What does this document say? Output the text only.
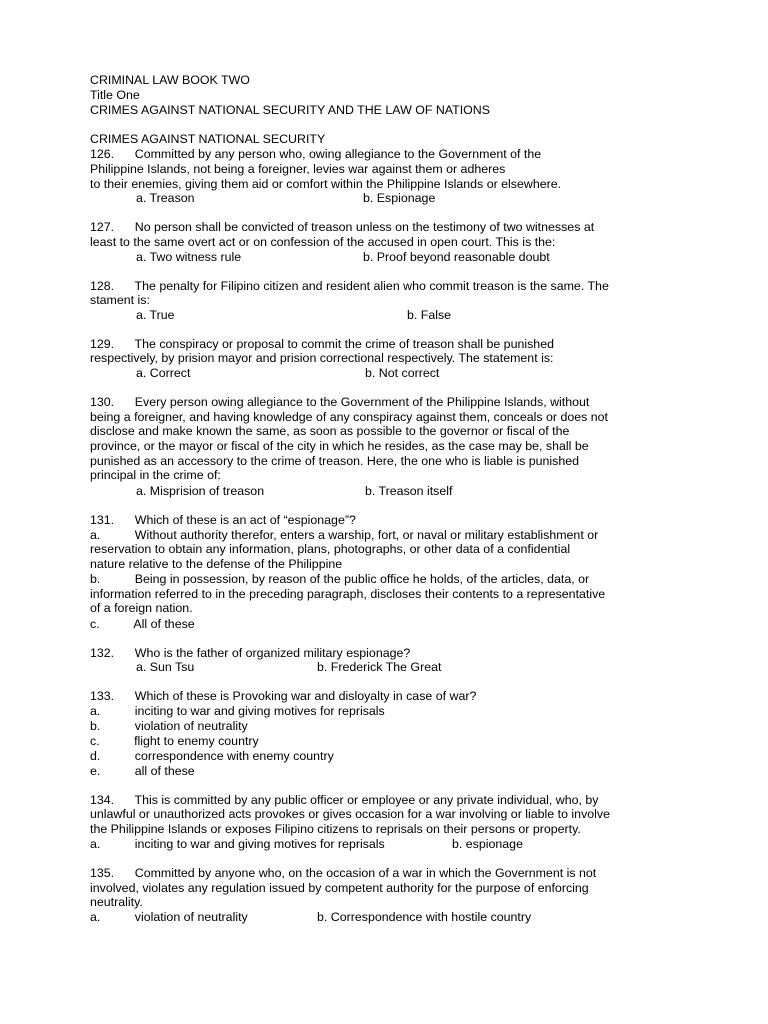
CRIMINAL LAW BOOK TWO
Title One
CRIMES AGAINST NATIONAL SECURITY AND THE LAW OF NATIONS
CRIMES AGAINST NATIONAL SECURITY
126.      Committed by any person who, owing allegiance to the Government of the
Philippine Islands, not being a foreigner, levies war against them or adheres
to their enemies, giving them aid or comfort within the Philippine Islands or elsewhere.
a. Treason	b. Espionage
127.      No person shall be convicted of treason unless on the testimony of two witnesses at
least to the same overt act or on confession of the accused in open court. This is the:
a. Two witness rule	b. Proof beyond reasonable doubt
128.      The penalty for Filipino citizen and resident alien who commit treason is the same. The
stament is:
a. True	b. False
129.      The conspiracy or proposal to commit the crime of treason shall be punished
respectively, by prision mayor and prision correctional respectively. The statement is:
a. Correct	b. Not correct
130.      Every person owing allegiance to the Government of the Philippine Islands, without
being a foreigner, and having knowledge of any conspiracy against them, conceals or does not
disclose and make known the same, as soon as possible to the governor or fiscal of the
province, or the mayor or fiscal of the city in which he resides, as the case may be, shall be
punished as an accessory to the crime of treason. Here, the one who is liable is punished
principal in the crime of:
a. Misprision of treason	b. Treason itself
131.      Which of these is an act of “espionage”?
a.          Without authority therefor, enters a warship, fort, or naval or military establishment or
reservation to obtain any information, plans, photographs, or other data of a confidential
nature relative to the defense of the Philippine
b.          Being in possession, by reason of the public office he holds, of the articles, data, or
information referred to in the preceding paragraph, discloses their contents to a representative
of a foreign nation.
c.          All of these
132.      Who is the father of organized military espionage?
a. Sun Tsu	b. Frederick The Great
133.      Which of these is Provoking war and disloyalty in case of war?
a.          inciting to war and giving motives for reprisals
b.          violation of neutrality
c.          flight to enemy country
d.          correspondence with enemy country
e.          all of these
134.      This is committed by any public officer or employee or any private individual, who, by
unlawful or unauthorized acts provokes or gives occasion for a war involving or liable to involve
the Philippine Islands or exposes Filipino citizens to reprisals on their persons or property.
a.          inciting to war and giving motives for reprisals	b. espionage
135.      Committed by anyone who, on the occasion of a war in which the Government is not
involved, violates any regulation issued by competent authority for the purpose of enforcing
neutrality.
a.          violation of neutrality	b. Correspondence with hostile country
